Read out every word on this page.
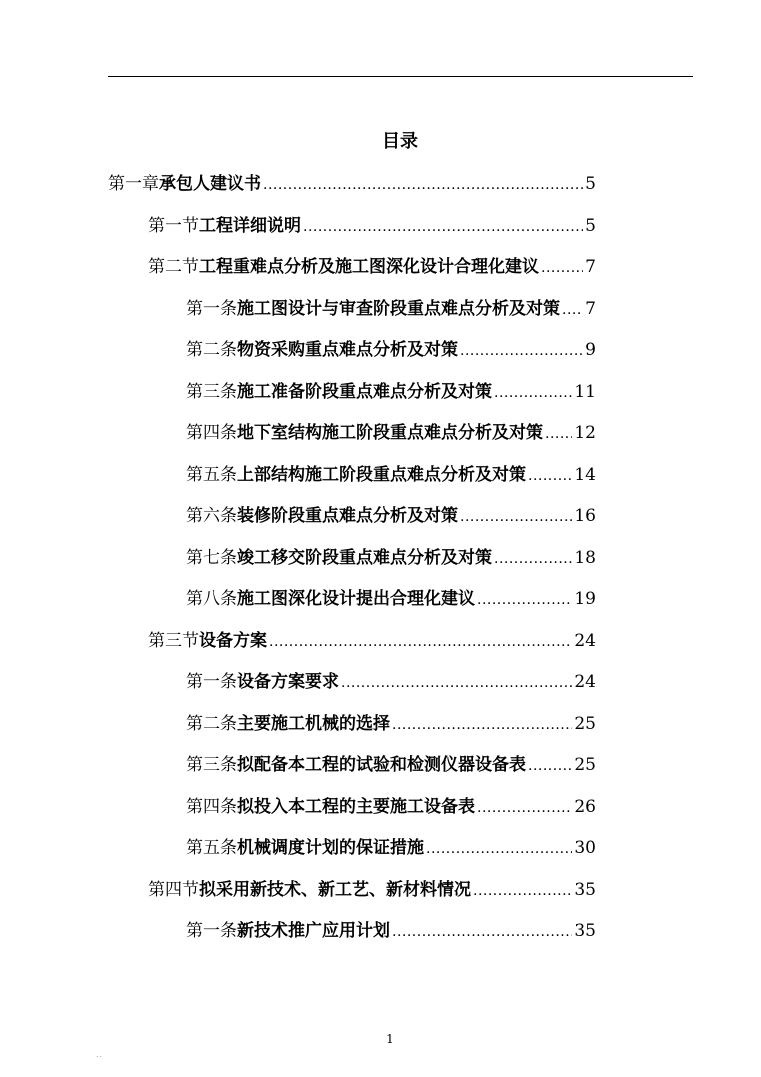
目录
第一章 承包人建议书 .....	5
第一节 工程详细说明 .....	5
第二节 工程重难点分析及施工图深化设计合理化建议 .....	7
第一条 施工图设计与审查阶段重点难点分析及对策 ..... 7
第二条 物资采购重点难点分析及对策 .....	9
第三条 施工准备阶段重点难点分析及对策 .....	11
第四条 地下室结构施工阶段重点难点分析及对策 ..... 12
第五条 上部结构施工阶段重点难点分析及对策 .....	14
第六条 装修阶段重点难点分析及对策 .....	16
第七条 竣工移交阶段重点难点分析及对策 .....	18
第八条 施工图深化设计提出合理化建议 .....	19
第三节 设备方案 .....	24
第一条 设备方案要求 .....	24
第二条 主要施工机械的选择 .....	25
第三条 拟配备本工程的试验和检测仪器设备表 .....	25
第四条 拟投入本工程的主要施工设备表 .....	26
第五条 机械调度计划的保证措施 .....	30
第四节 拟采用新技术、新工艺、新材料情况 .....	35
第一条 新技术推广应用计划 .....	35
1
..
